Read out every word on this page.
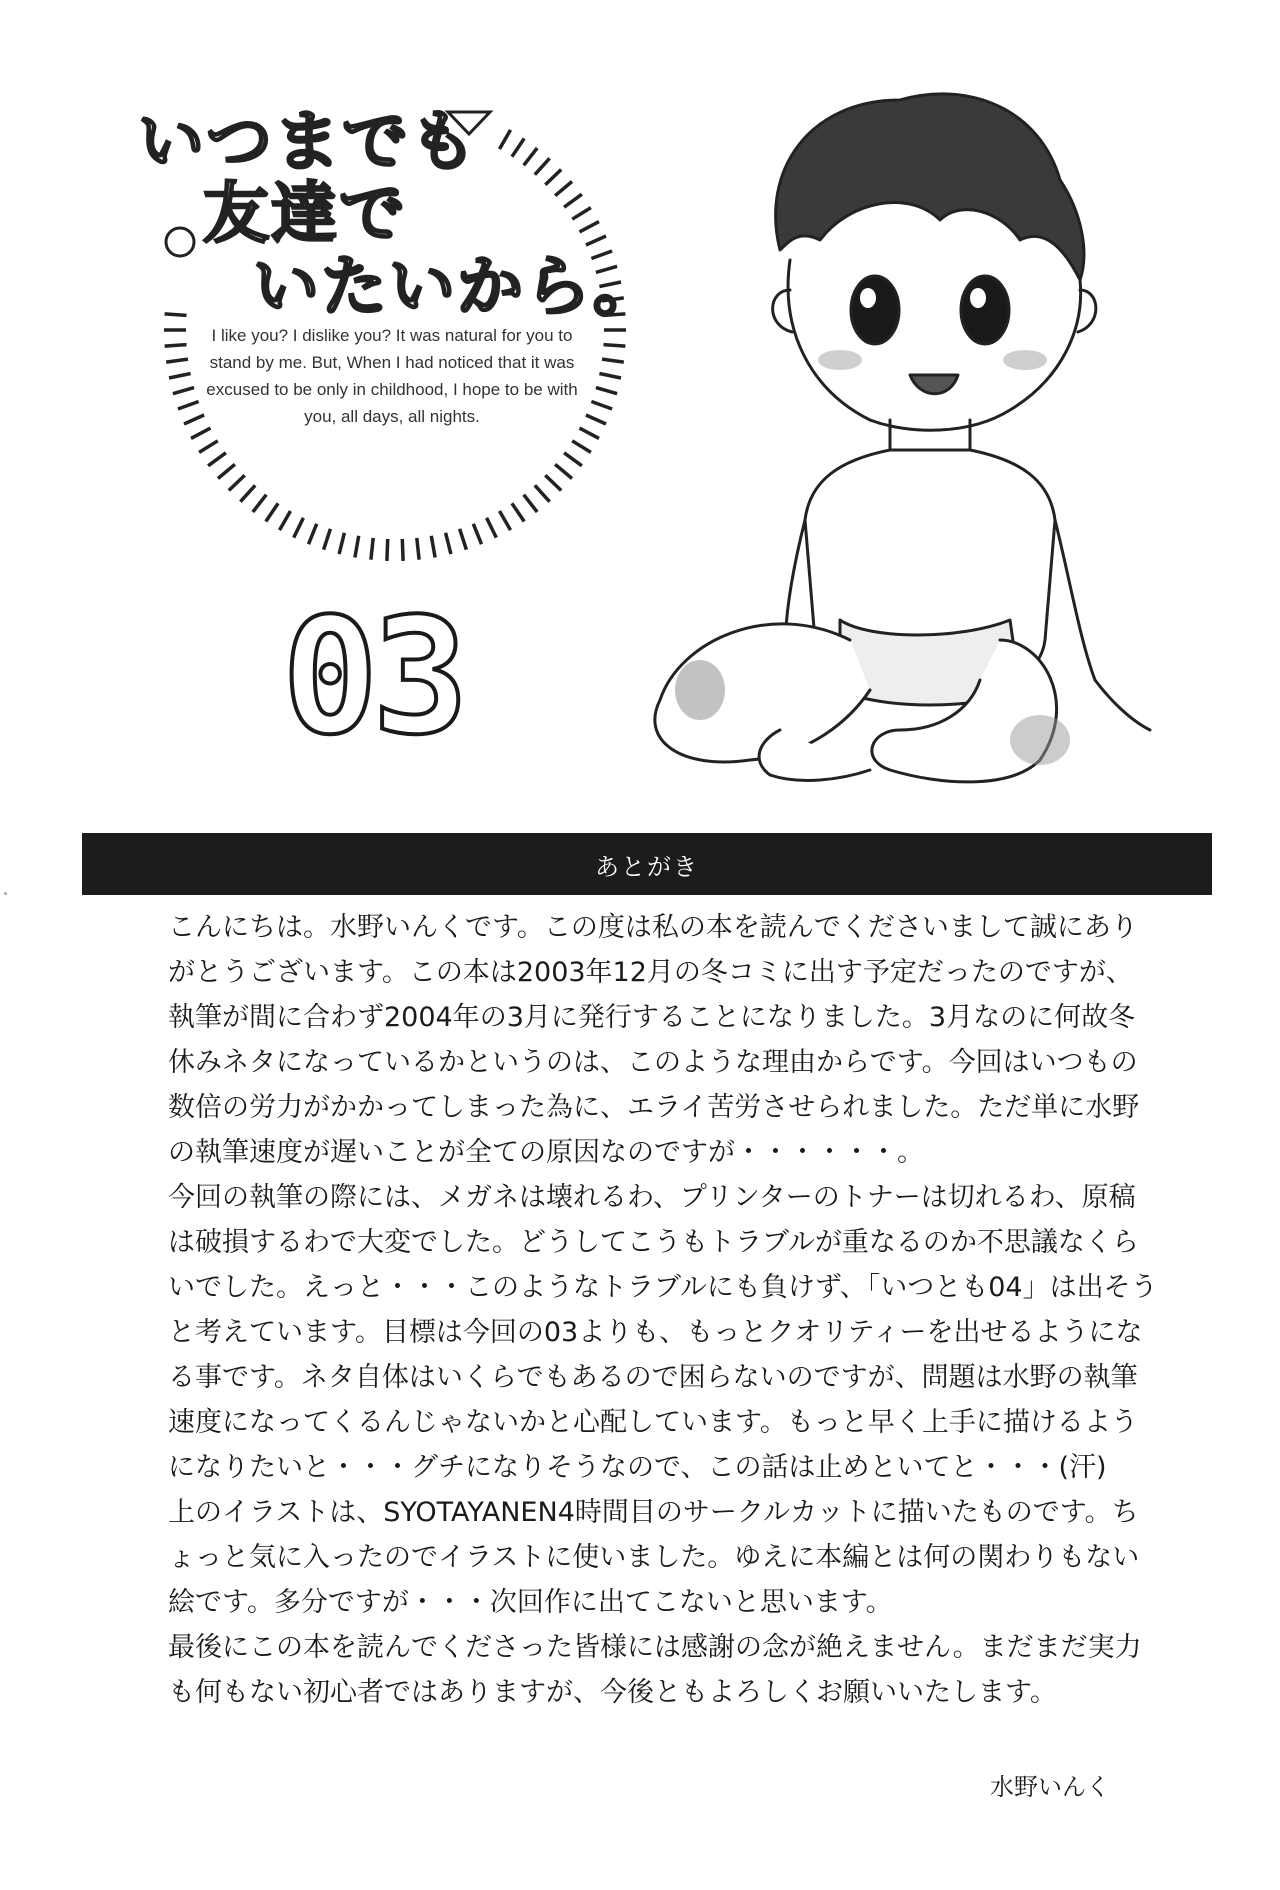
いつまでも
友達で
いたいから。

I like you? I dislike you? It was natural for you to stand by me. But, When I had noticed that it was excused to be only in childhood, I hope to be with you, all days, all nights.

03
あとがき

こんにちは。水野いんくです。この度は私の本を読んでくださいまして誠にありがとうございます。この本は2003年12月の冬コミに出す予定だったのですが、執筆が間に合わず2004年の3月に発行することになりました。3月なのに何故冬休みネタになっているかというのは、このような理由からです。今回はいつもの数倍の労力がかかってしまった為に、エライ苦労させられました。ただ単に水野の執筆速度が遅いことが全ての原因なのですが・・・・・・。

今回の執筆の際には、メガネは壊れるわ、プリンターのトナーは切れるわ、原稿は破損するわで大変でした。どうしてこうもトラブルが重なるのか不思議なくらいでした。えっと・・・このようなトラブルにも負けず、「いつとも04」は出そうと考えています。目標は今回の03よりも、もっとクオリティーを出せるようになる事です。ネタ自体はいくらでもあるので困らないのですが、問題は水野の執筆速度になってくるんじゃないかと心配しています。もっと早く上手に描けるようになりたいと・・・グチになりそうなので、この話は止めといてと・・・(汗)

上のイラストは、SYOTAYANEN4時間目のサークルカットに描いたものです。ちょっと気に入ったのでイラストに使いました。ゆえに本編とは何の関わりもない絵です。多分ですが・・・次回作に出てこないと思います。

最後にこの本を読んでくださった皆様には感謝の念が絶えません。まだまだ実力も何もない初心者ではありますが、今後ともよろしくお願いいたします。

水野いんく
